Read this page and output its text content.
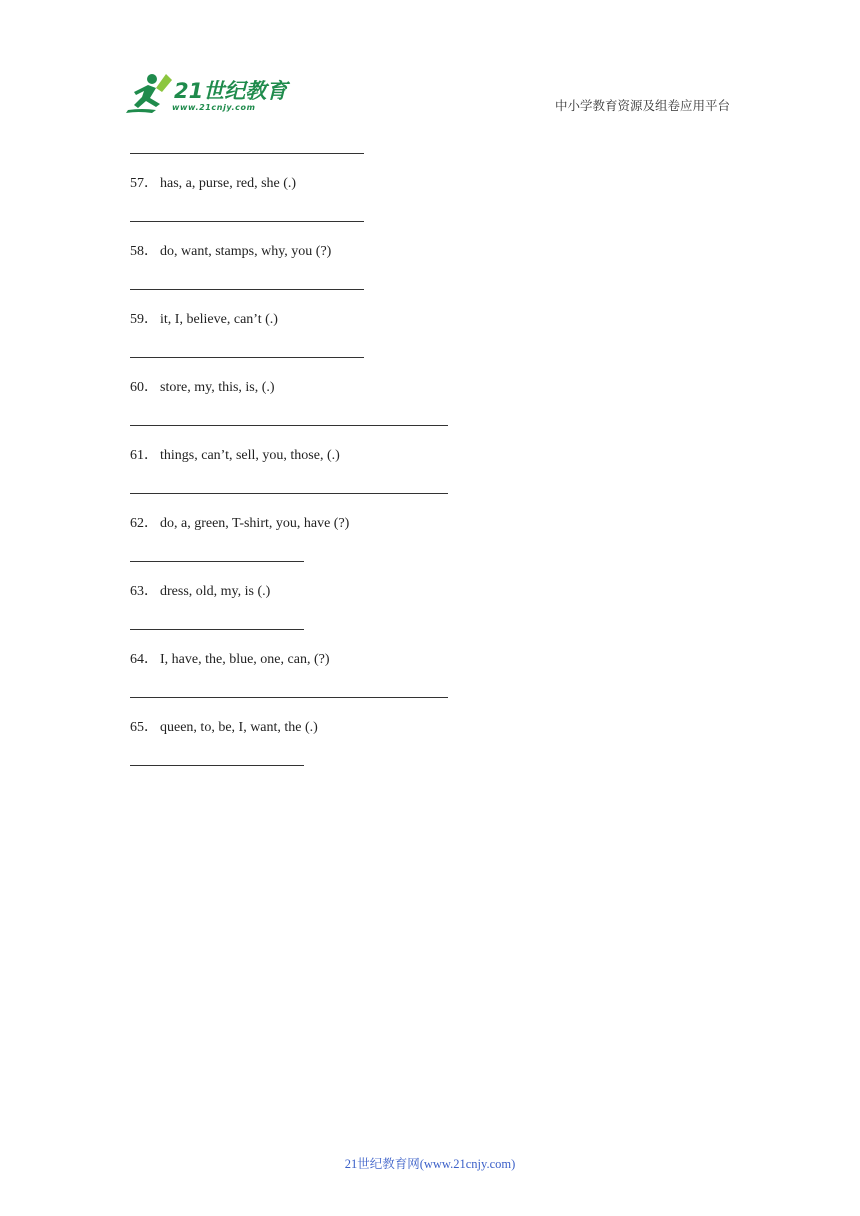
21世纪教育
www.21cnjy.com	中小学教育资源及组卷应用平台
57． has, a, purse, red, she (.)
58． do, want, stamps, why, you (?)
59． it, I, believe, can’t (.)
60． store, my, this, is, (.)
61． things, can’t, sell, you, those, (.)
62． do, a, green, T-shirt, you, have (?)
63． dress, old, my, is (.)
64． I, have, the, blue, one, can, (?)
65． queen, to, be, I, want, the (.)
21世纪教育网(www.21cnjy.com)
